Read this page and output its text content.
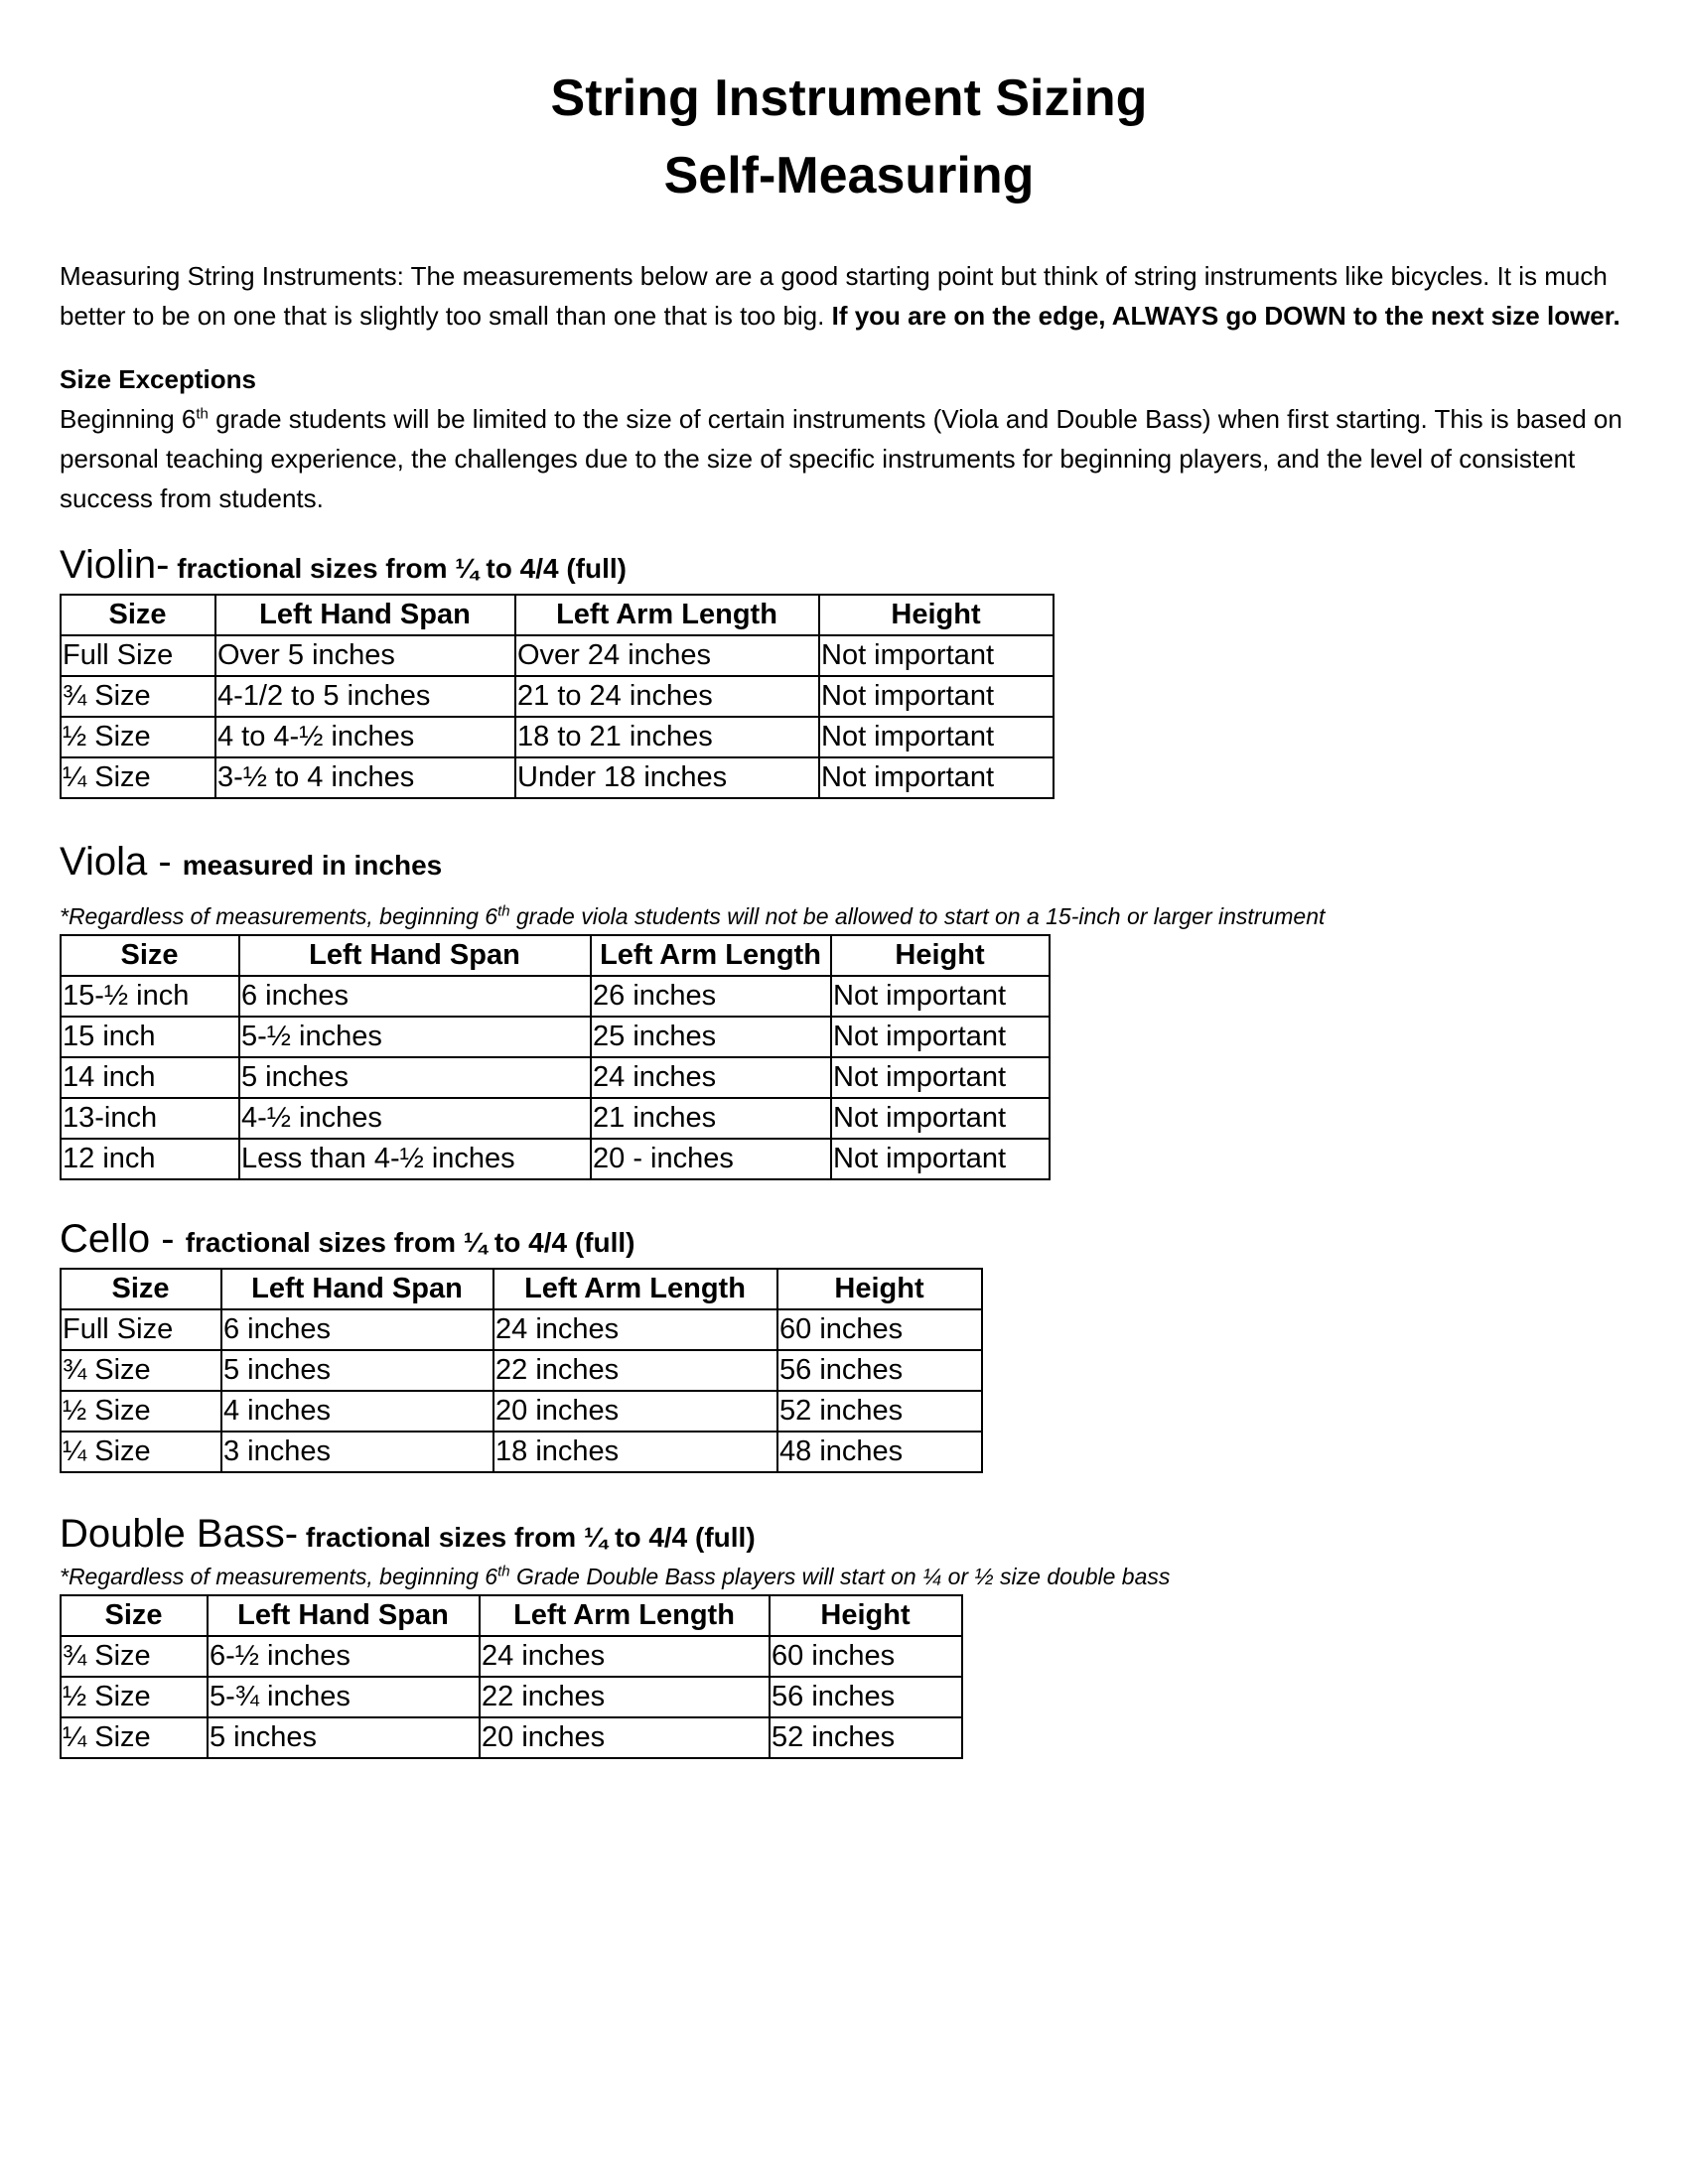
String Instrument Sizing
Self-Measuring
Measuring String Instruments: The measurements below are a good starting point but think of string instruments like bicycles. It is much better to be on one that is slightly too small than one that is too big. If you are on the edge, ALWAYS go DOWN to the next size lower.
Size Exceptions
Beginning 6th grade students will be limited to the size of certain instruments (Viola and Double Bass) when first starting. This is based on personal teaching experience, the challenges due to the size of specific instruments for beginning players, and the level of consistent success from students.
Violin- fractional sizes from ¼ to 4/4 (full)
Size	Left Hand Span	Left Arm Length	Height
Full Size	Over 5 inches	Over 24 inches	Not important
¾ Size	4-1/2 to 5 inches	21 to 24 inches	Not important
½ Size	4 to 4-½ inches	18 to 21 inches	Not important
¼ Size	3-½ to 4 inches	Under 18 inches	Not important
Viola - measured in inches
*Regardless of measurements, beginning 6th grade viola students will not be allowed to start on a 15-inch or larger instrument
Size	Left Hand Span	Left Arm Length	Height
15-½ inch	6 inches	26 inches	Not important
15 inch	5-½ inches	25 inches	Not important
14 inch	5 inches	24 inches	Not important
13-inch	4-½ inches	21 inches	Not important
12 inch	Less than 4-½ inches	20 - inches	Not important
Cello - fractional sizes from ¼ to 4/4 (full)
Size	Left Hand Span	Left Arm Length	Height
Full Size	6 inches	24 inches	60 inches
¾ Size	5 inches	22 inches	56 inches
½ Size	4 inches	20 inches	52 inches
¼ Size	3 inches	18 inches	48 inches
Double Bass- fractional sizes from ¼ to 4/4 (full)
*Regardless of measurements, beginning 6th Grade Double Bass players will start on ¼ or ½ size double bass
Size	Left Hand Span	Left Arm Length	Height
¾ Size	6-½ inches	24 inches	60 inches
½ Size	5-¾ inches	22 inches	56 inches
¼ Size	5 inches	20 inches	52 inches
